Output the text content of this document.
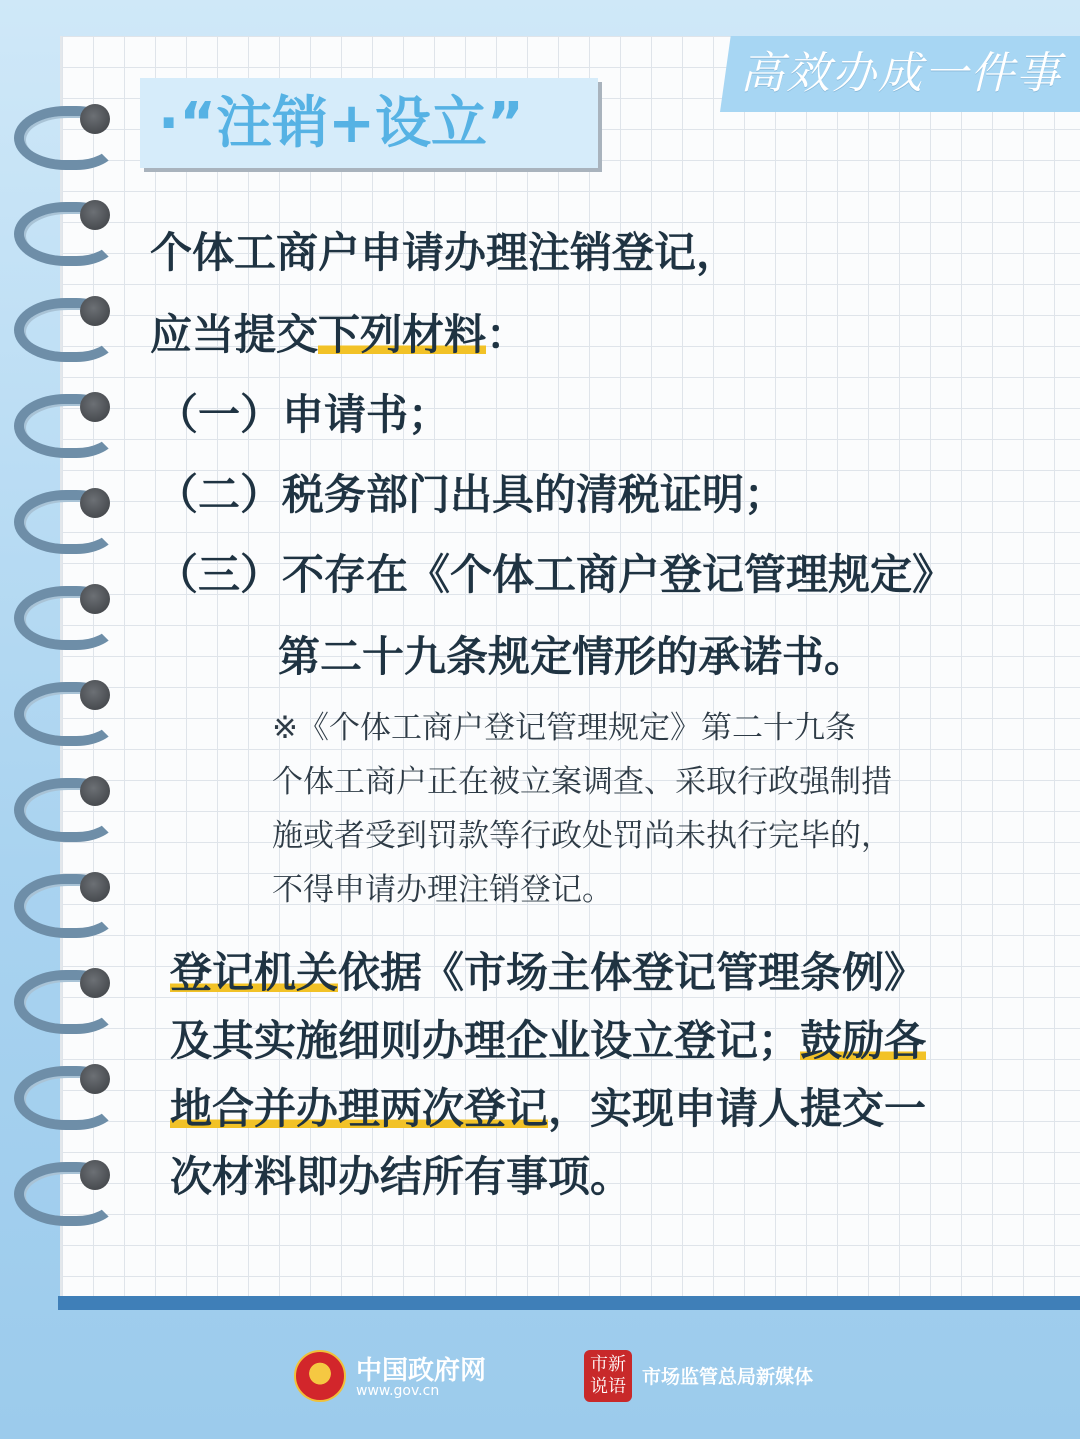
高效办成一件事
·“注销+设立”
个体工商户申请办理注销登记，
应当提交下列材料：
（一）申请书；
（二）税务部门出具的清税证明；
（三）不存在《个体工商户登记管理规定》
第二十九条规定情形的承诺书。
※《个体工商户登记管理规定》第二十九条
个体工商户正在被立案调查、采取行政强制措
施或者受到罚款等行政处罚尚未执行完毕的，
不得申请办理注销登记。
登记机关依据《市场主体登记管理条例》
及其实施细则办理企业设立登记；鼓励各
地合并办理两次登记，实现申请人提交一
次材料即办结所有事项。
中国政府网
www.gov.cn
市新说语 市场监管总局新媒体
